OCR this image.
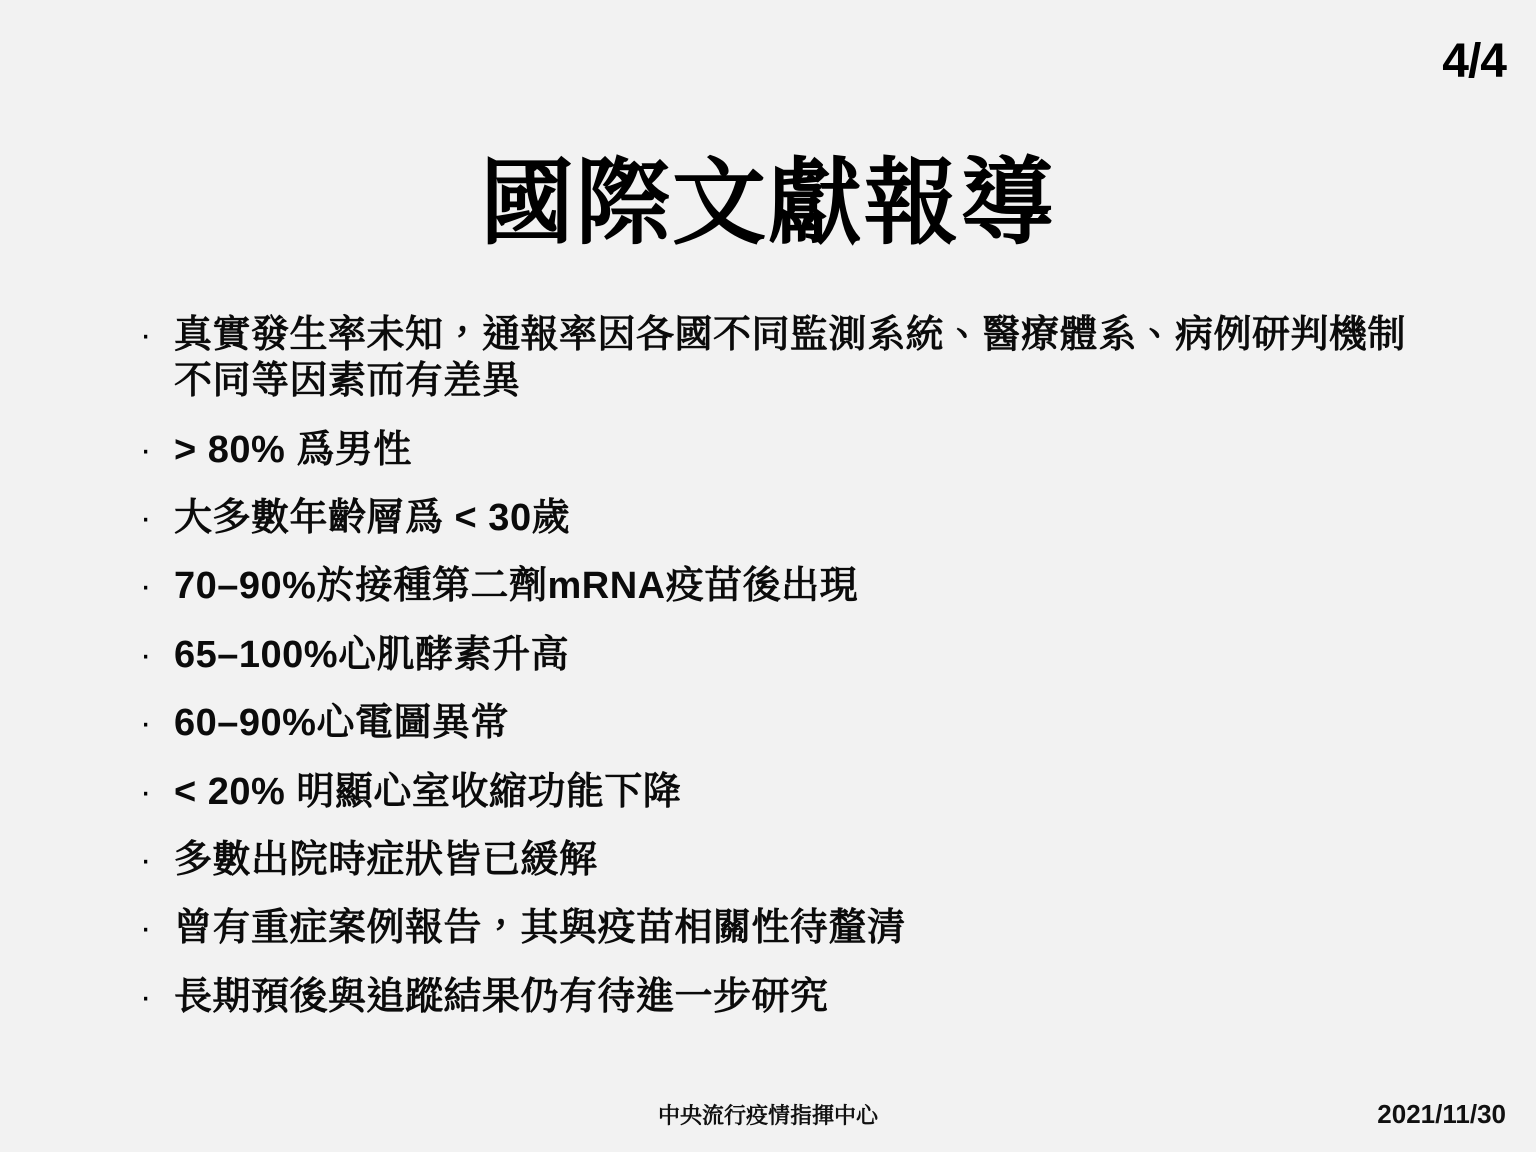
4/4
國際文獻報導
· 真實發生率未知，通報率因各國不同監測系統、醫療體系、病例研判機制不同等因素而有差異
· > 80% 爲男性
· 大多數年齡層爲 < 30歲
· 70–90%於接種第二劑mRNA疫苗後出現
· 65–100%心肌酵素升高
· 60–90%心電圖異常
· < 20% 明顯心室收縮功能下降
· 多數出院時症狀皆已緩解
· 曾有重症案例報告，其與疫苗相關性待釐清
· 長期預後與追蹤結果仍有待進一步研究
中央流行疫情指揮中心	2021/11/30
